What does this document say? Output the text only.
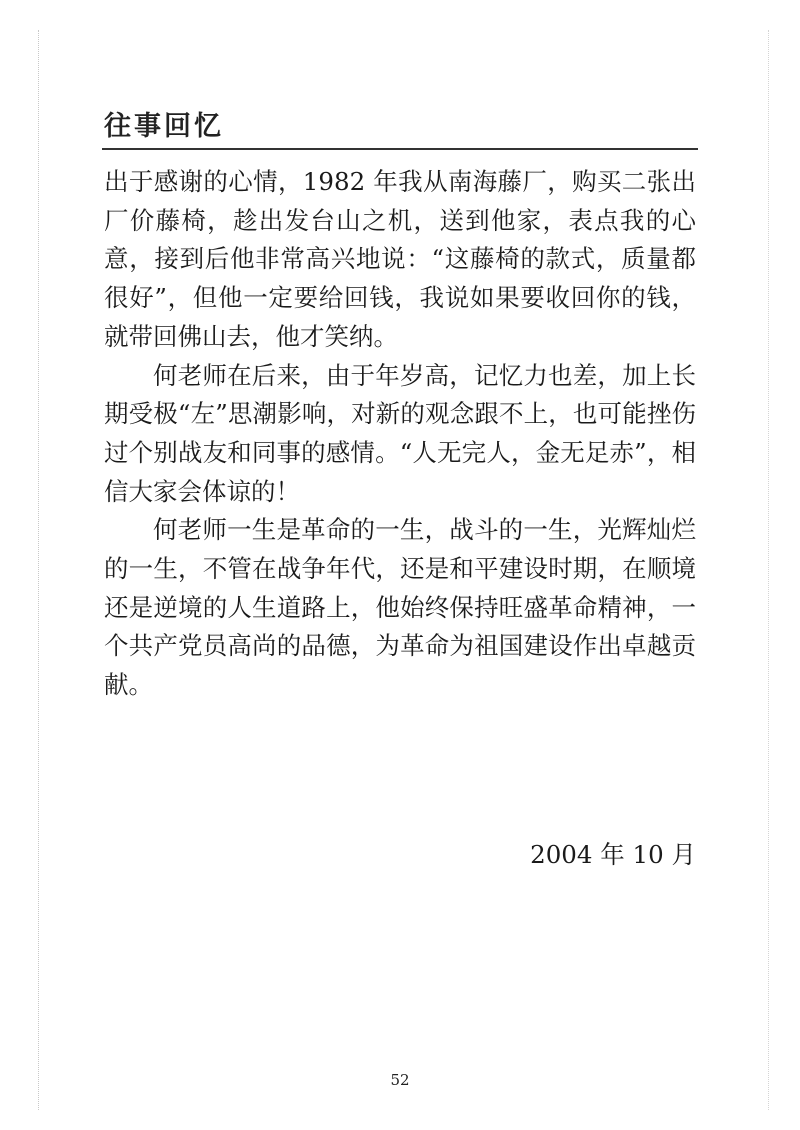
往事回忆

出于感谢的心情，1982 年我从南海藤厂，购买二张出厂价藤椅，趁出发台山之机，送到他家，表点我的心意，接到后他非常高兴地说：“这藤椅的款式，质量都很好”，但他一定要给回钱，我说如果要收回你的钱，就带回佛山去，他才笑纳。

何老师在后来，由于年岁高，记忆力也差，加上长期受极“左”思潮影响，对新的观念跟不上，也可能挫伤过个别战友和同事的感情。“人无完人，金无足赤”，相信大家会体谅的！

何老师一生是革命的一生，战斗的一生，光辉灿烂的一生，不管在战争年代，还是和平建设时期，在顺境还是逆境的人生道路上，他始终保持旺盛革命精神，一个共产党员高尚的品德，为革命为祖国建设作出卓越贡献。

2004 年 10 月
52
